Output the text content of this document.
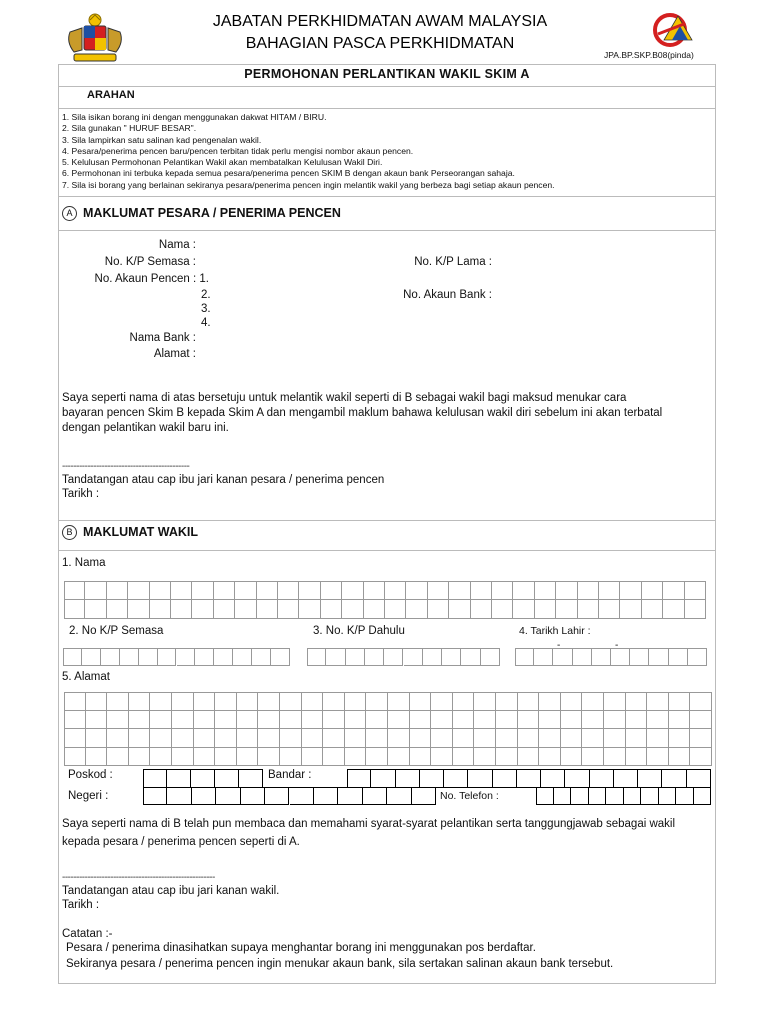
JABATAN PERKHIDMATAN AWAM MALAYSIA
BAHAGIAN PASCA PERKHIDMATAN
JPA.BP.SKP.B08(pinda)
PERMOHONAN PERLANTIKAN WAKIL SKIM A
ARAHAN
1. Sila isikan borang ini dengan menggunakan dakwat HITAM / BIRU.
2. Sila gunakan " HURUF BESAR".
3. Sila lampirkan satu salinan kad pengenalan wakil.
4. Pesara/penerima pencen baru/pencen terbitan tidak perlu mengisi nombor akaun pencen.
5. Kelulusan Permohonan Pelantikan Wakil akan membatalkan Kelulusan Wakil Diri.
6. Permohonan ini terbuka kepada semua pesara/penerima pencen SKIM B dengan akaun bank Perseorangan sahaja.
7. Sila isi borang yang berlainan sekiranya pesara/penerima pencen ingin melantik wakil yang berbeza bagi setiap akaun pencen.
A MAKLUMAT PESARA / PENERIMA PENCEN
Nama :
No. K/P Semasa :	No. K/P Lama :
No. Akaun Pencen : 1.
2.	No. Akaun Bank :
3.
4.
Nama Bank :
Alamat :
Saya seperti nama di atas bersetuju untuk melantik wakil seperti di B sebagai wakil bagi maksud menukar cara
bayaran pencen Skim B kepada Skim A dan mengambil maklum bahawa kelulusan wakil diri sebelum ini akan terbatal
dengan pelantikan wakil baru ini.
---------------------------------------------
Tandatangan atau cap ibu jari kanan pesara / penerima pencen
Tarikh :
B MAKLUMAT WAKIL
1. Nama
2. No K/P Semasa	3. No. K/P Dahulu	4. Tarikh Lahir :
-	-
5. Alamat
Poskod :	Bandar :
Negeri :	No. Telefon :
Saya seperti nama di B telah pun membaca dan memahami syarat-syarat pelantikan serta tanggungjawab sebagai wakil
kepada pesara / penerima pencen seperti di A.
------------------------------------------------------
Tandatangan atau cap ibu jari kanan wakil.
Tarikh :
Catatan :-
Pesara / penerima dinasihatkan supaya menghantar borang ini menggunakan pos berdaftar.
Sekiranya pesara / penerima pencen ingin menukar akaun bank, sila sertakan salinan akaun bank tersebut.
